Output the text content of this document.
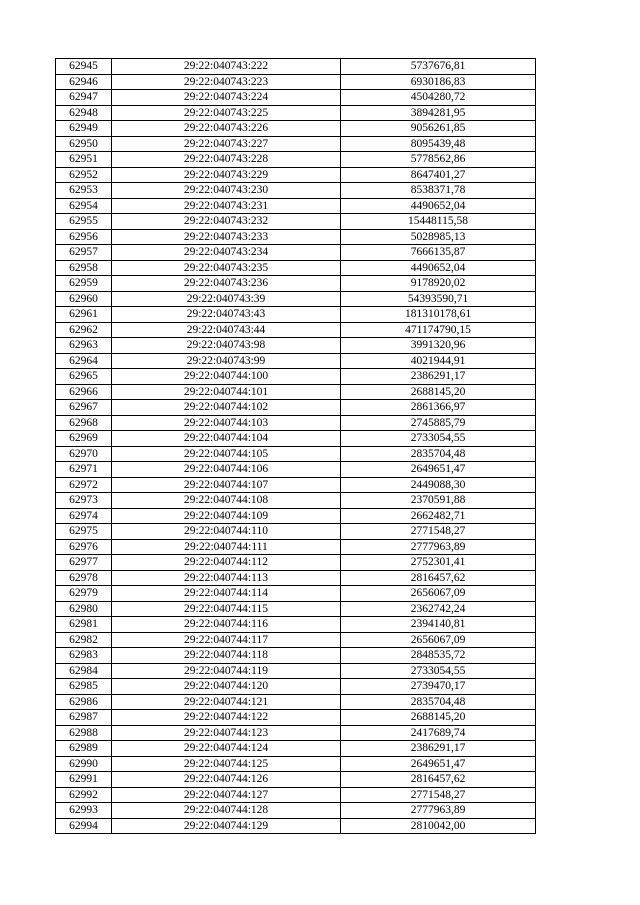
62945	29:22:040743:222	5737676,81
62946	29:22:040743:223	6930186,83
62947	29:22:040743:224	4504280,72
62948	29:22:040743:225	3894281,95
62949	29:22:040743:226	9056261,85
62950	29:22:040743:227	8095439,48
62951	29:22:040743:228	5778562,86
62952	29:22:040743:229	8647401,27
62953	29:22:040743:230	8538371,78
62954	29:22:040743:231	4490652,04
62955	29:22:040743:232	15448115,58
62956	29:22:040743:233	5028985,13
62957	29:22:040743:234	7666135,87
62958	29:22:040743:235	4490652,04
62959	29:22:040743:236	9178920,02
62960	29:22:040743:39	54393590,71
62961	29:22:040743:43	181310178,61
62962	29:22:040743:44	471174790,15
62963	29:22:040743:98	3991320,96
62964	29:22:040743:99	4021944,91
62965	29:22:040744:100	2386291,17
62966	29:22:040744:101	2688145,20
62967	29:22:040744:102	2861366,97
62968	29:22:040744:103	2745885,79
62969	29:22:040744:104	2733054,55
62970	29:22:040744:105	2835704,48
62971	29:22:040744:106	2649651,47
62972	29:22:040744:107	2449088,30
62973	29:22:040744:108	2370591,88
62974	29:22:040744:109	2662482,71
62975	29:22:040744:110	2771548,27
62976	29:22:040744:111	2777963,89
62977	29:22:040744:112	2752301,41
62978	29:22:040744:113	2816457,62
62979	29:22:040744:114	2656067,09
62980	29:22:040744:115	2362742,24
62981	29:22:040744:116	2394140,81
62982	29:22:040744:117	2656067,09
62983	29:22:040744:118	2848535,72
62984	29:22:040744:119	2733054,55
62985	29:22:040744:120	2739470,17
62986	29:22:040744:121	2835704,48
62987	29:22:040744:122	2688145,20
62988	29:22:040744:123	2417689,74
62989	29:22:040744:124	2386291,17
62990	29:22:040744:125	2649651,47
62991	29:22:040744:126	2816457,62
62992	29:22:040744:127	2771548,27
62993	29:22:040744:128	2777963,89
62994	29:22:040744:129	2810042,00
